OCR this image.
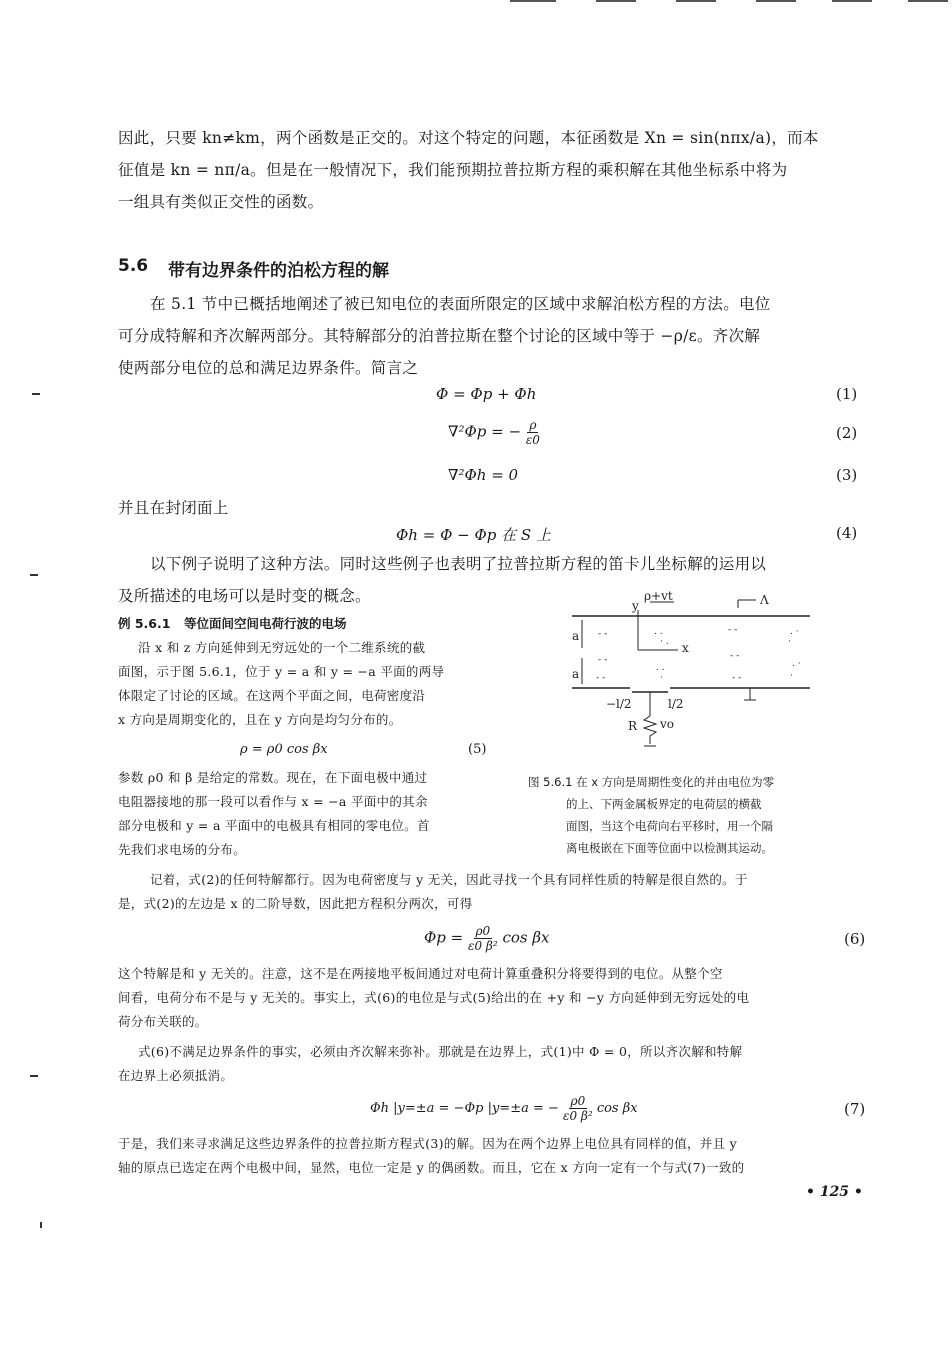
因此，只要 kn≠km，两个函数是正交的。对这个特定的问题，本征函数是 Xn = sin(nπx/a)，而本
征值是 kn = nπ/a。但是在一般情况下，我们能预期拉普拉斯方程的乘积解在其他坐标系中将为
一组具有类似正交性的函数。
5.6 带有边界条件的泊松方程的解
在 5.1 节中已概括地阐述了被已知电位的表面所限定的区域中求解泊松方程的方法。电位
可分成特解和齐次解两部分。其特解部分的泊普拉斯在整个讨论的区域中等于 −ρ/ε。齐次解
使两部分电位的总和满足边界条件。简言之
Φ = Φp + Φh	(1)
∇²Φp = − $\frac{\rho}{\varepsilon 0}$	(2)
∇²Φh = 0	(3)
并且在封闭面上
Φh = Φ − Φp 在 S 上	(4)
以下例子说明了这种方法。同时这些例子也表明了拉普拉斯方程的笛卡儿坐标解的运用以
及所描述的电场可以是时变的概念。
例 5.6.1 等位面间空间电荷行波的电场
沿 x 和 z 方向延伸到无穷远处的一个二维系统的截
面图，示于图 5.6.1，位于 y = a 和 y = −a 平面的两导
体限定了讨论的区域。在这两个平面之间，电荷密度沿
x 方向是周期变化的，且在 y 方向是均匀分布的。
ρ = ρ0 cos βx	(5)
参数 ρ0 和 β 是给定的常数。现在，在下面电极中通过
电阻器接地的那一段可以看作与 x = −a 平面中的其余
部分电极和 y = a 平面中的电极具有相同的零电位。首
先我们求电场的分布。
- -
- -
- -
. .
· .
. .
·
- -
- -
- -
. ·
·
. ·
·
ρ+vt	Λ
a
a
y
x
−l/2	l/2
R vo
图 5.6.1 在 x 方向是周期性变化的并由电位为零
的上、下两金属板界定的电荷层的横截
面图，当这个电荷向右平移时，用一个隔
离电极嵌在下面等位面中以检测其运动。
记着，式(2)的任何特解都行。因为电荷密度与 y 无关，因此寻找一个具有同样性质的特解是很自然的。于
是，式(2)的左边是 x 的二阶导数，因此把方程积分两次，可得
$\Phi p = \frac{\rho 0}{\text{ε0 β²}}$ cos βx	(6)
这个特解是和 y 无关的。注意，这不是在两接地平板间通过对电荷计算重叠积分将要得到的电位。从整个空
间看，电荷分布不是与 y 无关的。事实上，式(6)的电位是与式(5)给出的在 +y 和 −y 方向延伸到无穷远处的电
荷分布关联的。
式(6)不满足边界条件的事实，必须由齐次解来弥补。那就是在边界上，式(1)中 Φ = 0，所以齐次解和特解
在边界上必须抵消。
Φh |y=±a = −Φp |y=±a = − $\frac{\rho 0}{\text{ε0 β²}}$ cos βx	(7)
于是，我们来寻求满足这些边界条件的拉普拉斯方程式(3)的解。因为在两个边界上电位具有同样的值，并且 y
轴的原点已选定在两个电极中间，显然，电位一定是 y 的偶函数。而且，它在 x 方向一定有一个与式(7)一致的
• 125 •
